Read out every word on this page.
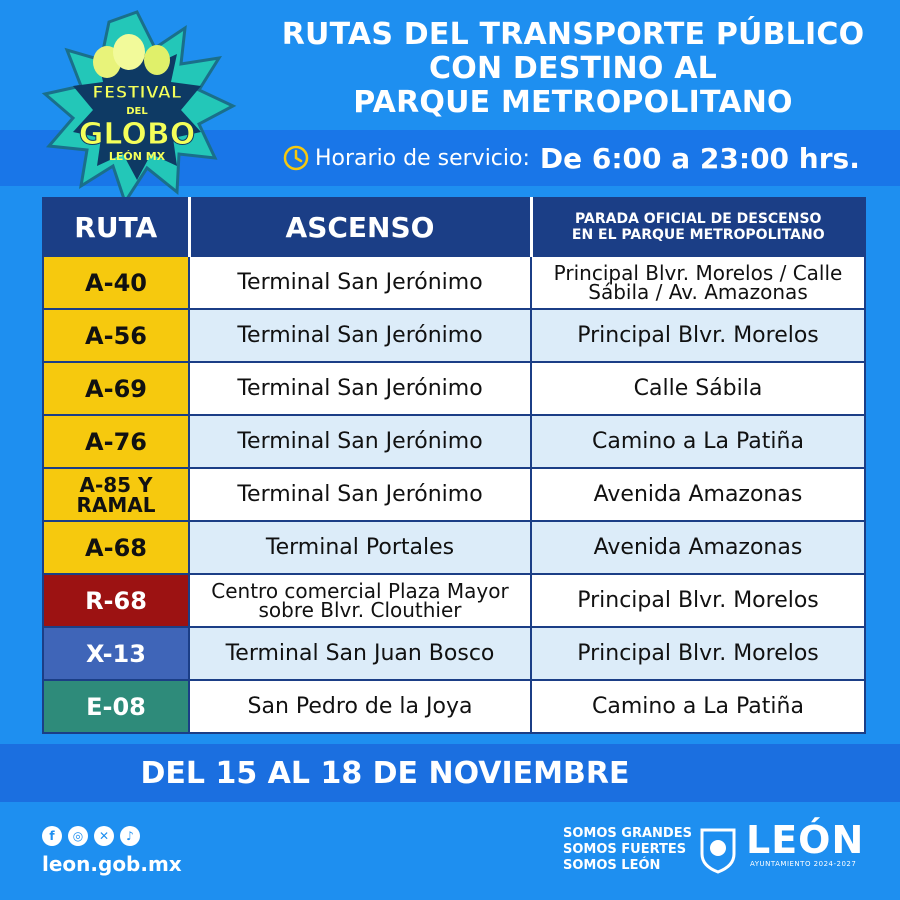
FESTIVAL
DEL
GLOBO
LEÓN MX
RUTAS DEL TRANSPORTE PÚBLICO
CON DESTINO AL
PARQUE METROPOLITANO
Horario de servicio: De 6:00 a 23:00 hrs.
RUTA	ASCENSO	PARADA OFICIAL DE DESCENSO
EN EL PARQUE METROPOLITANO

A-40	Terminal San Jerónimo	Principal Blvr. Morelos / Calle Sábila / Av. Amazonas

A-56	Terminal San Jerónimo	Principal Blvr. Morelos

A-69	Terminal San Jerónimo	Calle Sábila

A-76	Terminal San Jerónimo	Camino a La Patiña

A-85 Y
RAMAL	Terminal San Jerónimo	Avenida Amazonas

A-68	Terminal Portales	Avenida Amazonas

R-68	Centro comercial Plaza Mayor sobre Blvr. Clouthier	Principal Blvr. Morelos

X-13	Terminal San Juan Bosco	Principal Blvr. Morelos

E-08	San Pedro de la Joya	Camino a La Patiña
DEL 15 AL 18 DE NOVIEMBRE
f	◎	✕	♪
leon.gob.mx
SOMOS GRANDES
SOMOS FUERTES
SOMOS LEÓN
LEÓN
AYUNTAMIENTO 2024-2027
